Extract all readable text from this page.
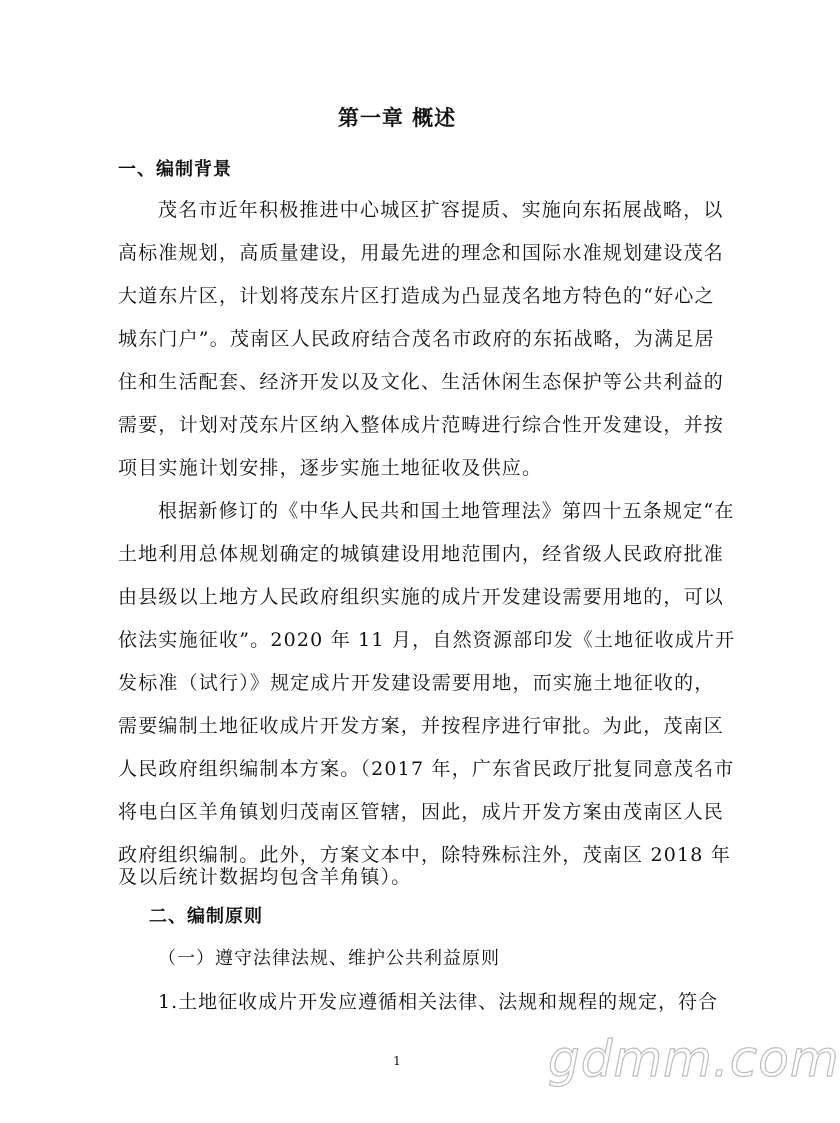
第一章 概述
一、编制背景
茂名市近年积极推进中心城区扩容提质、实施向东拓展战略，以
高标准规划，高质量建设，用最先进的理念和国际水准规划建设茂名
大道东片区，计划将茂东片区打造成为凸显茂名地方特色的“好心之
城东门户”。茂南区人民政府结合茂名市政府的东拓战略，为满足居
住和生活配套、经济开发以及文化、生活休闲生态保护等公共利益的
需要，计划对茂东片区纳入整体成片范畴进行综合性开发建设，并按
项目实施计划安排，逐步实施土地征收及供应。
根据新修订的《中华人民共和国土地管理法》第四十五条规定“在
土地利用总体规划确定的城镇建设用地范围内，经省级人民政府批准
由县级以上地方人民政府组织实施的成片开发建设需要用地的，可以
依法实施征收”。2020 年 11 月，自然资源部印发《土地征收成片开
发标准（试行）》规定成片开发建设需要用地，而实施土地征收的，
需要编制土地征收成片开发方案，并按程序进行审批。为此，茂南区
人民政府组织编制本方案。（2017 年，广东省民政厅批复同意茂名市
将电白区羊角镇划归茂南区管辖，因此，成片开发方案由茂南区人民
政府组织编制。此外，方案文本中，除特殊标注外，茂南区 2018 年
及以后统计数据均包含羊角镇）。
二、编制原则
（一）遵守法律法规、维护公共利益原则
1.土地征收成片开发应遵循相关法律、法规和规程的规定，符合
1	gdmm.com
